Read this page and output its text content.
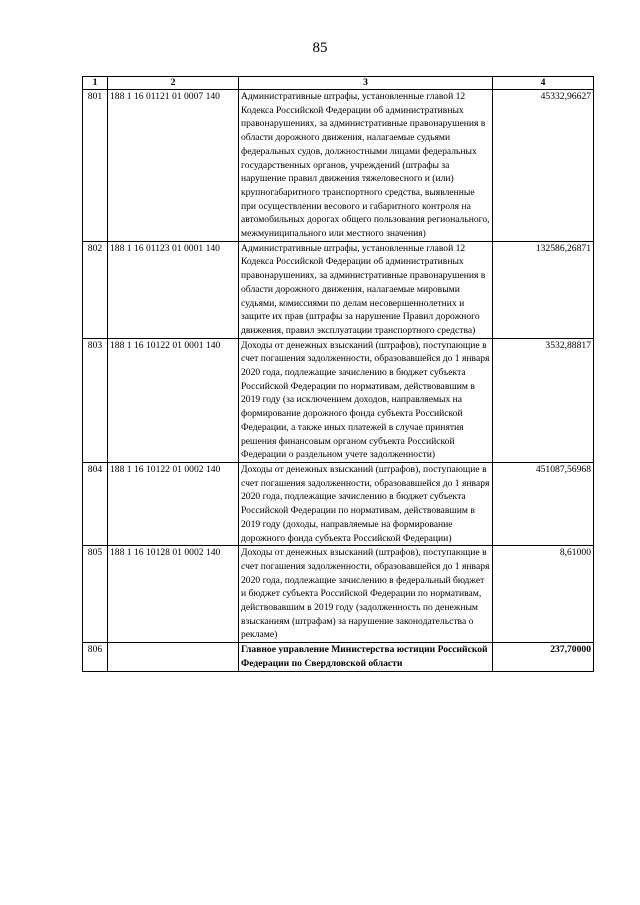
85
1	2	3	4
801	188 1 16 01121 01 0007 140	Административные штрафы, установленные главой 12 Кодекса Российской Федерации об административных правонарушениях, за административные правонарушения в области дорожного движения, налагаемые судьями федеральных судов, должностными лицами федеральных государственных органов, учреждений (штрафы за нарушение правил движения тяжеловесного и (или) крупногабаритного транспортного средства, выявленные при осуществлении весового и габаритного контроля на автомобильных дорогах общего пользования регионального, межмуниципального или местного значения)	45332,96627
802	188 1 16 01123 01 0001 140	Административные штрафы, установленные главой 12 Кодекса Российской Федерации об административных правонарушениях, за административные правонарушения в области дорожного движения, налагаемые мировыми судьями, комиссиями по делам несовершеннолетних и защите их прав (штрафы за нарушение Правил дорожного движения, правил эксплуатации транспортного средства)	132586,26871
803	188 1 16 10122 01 0001 140	Доходы от денежных взысканий (штрафов), поступающие в счет погашения задолженности, образовавшейся до 1 января 2020 года, подлежащие зачислению в бюджет субъекта Российской Федерации по нормативам, действовавшим в 2019 году (за исключением доходов, направляемых на формирование дорожного фонда субъекта Российской Федерации, а также иных платежей в случае принятия решения финансовым органом субъекта Российской Федерации о раздельном учете задолженности)	3532,88817
804	188 1 16 10122 01 0002 140	Доходы от денежных взысканий (штрафов), поступающие в счет погашения задолженности, образовавшейся до 1 января 2020 года, подлежащие зачислению в бюджет субъекта Российской Федерации по нормативам, действовавшим в 2019 году (доходы, направляемые на формирование дорожного фонда субъекта Российской Федерации)	451087,56968
805	188 1 16 10128 01 0002 140	Доходы от денежных взысканий (штрафов), поступающие в счет погашения задолженности, образовавшейся до 1 января 2020 года, подлежащие зачислению в федеральный бюджет и бюджет субъекта Российской Федерации по нормативам, действовавшим в 2019 году (задолженность по денежным взысканиям (штрафам) за нарушение законодательства о рекламе)	8,61000
806		Главное управление Министерства юстиции Российской Федерации по Свердловской области	237,70000
